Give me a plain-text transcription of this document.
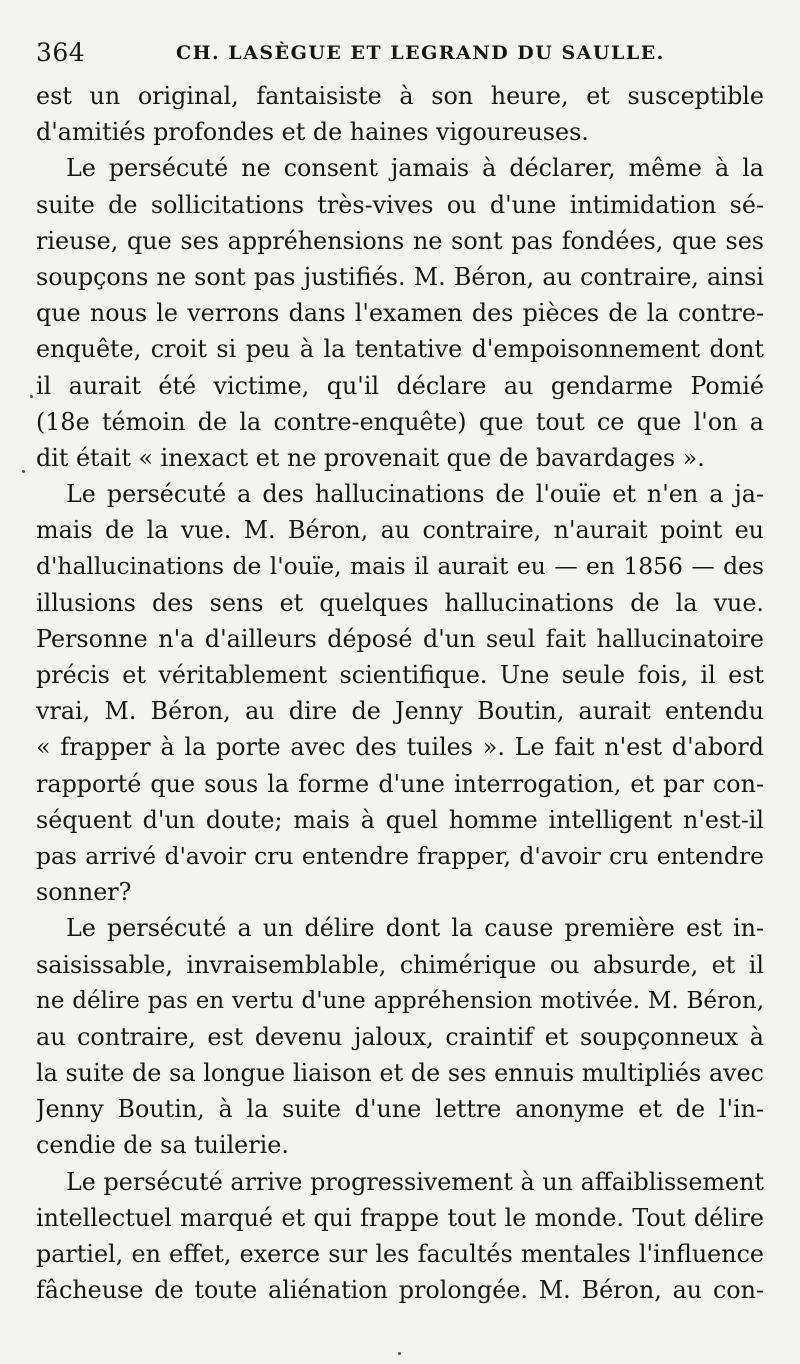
364	CH. LASÈGUE ET LEGRAND DU SAULLE.
est un original, fantaisiste à son heure, et susceptible
d'amitiés profondes et de haines vigoureuses.
Le persécuté ne consent jamais à déclarer, même à la
suite de sollicitations très-vives ou d'une intimidation sé-
rieuse, que ses appréhensions ne sont pas fondées, que ses
soupçons ne sont pas justifiés. M. Béron, au contraire, ainsi
que nous le verrons dans l'examen des pièces de la contre-
enquête, croit si peu à la tentative d'empoisonnement dont
il aurait été victime, qu'il déclare au gendarme Pomié
(18e témoin de la contre-enquête) que tout ce que l'on a
dit était « inexact et ne provenait que de bavardages ».
Le persécuté a des hallucinations de l'ouïe et n'en a ja-
mais de la vue. M. Béron, au contraire, n'aurait point eu
d'hallucinations de l'ouïe, mais il aurait eu — en 1856 — des
illusions des sens et quelques hallucinations de la vue.
Personne n'a d'ailleurs déposé d'un seul fait hallucinatoire
précis et véritablement scientifique. Une seule fois, il est
vrai, M. Béron, au dire de Jenny Boutin, aurait entendu
« frapper à la porte avec des tuiles ». Le fait n'est d'abord
rapporté que sous la forme d'une interrogation, et par con-
séquent d'un doute; mais à quel homme intelligent n'est-il
pas arrivé d'avoir cru entendre frapper, d'avoir cru entendre
sonner?
Le persécuté a un délire dont la cause première est in-
saisissable, invraisemblable, chimérique ou absurde, et il
ne délire pas en vertu d'une appréhension motivée. M. Béron,
au contraire, est devenu jaloux, craintif et soupçonneux à
la suite de sa longue liaison et de ses ennuis multipliés avec
Jenny Boutin, à la suite d'une lettre anonyme et de l'in-
cendie de sa tuilerie.
Le persécuté arrive progressivement à un affaiblissement
intellectuel marqué et qui frappe tout le monde. Tout délire
partiel, en effet, exerce sur les facultés mentales l'influence
fâcheuse de toute aliénation prolongée. M. Béron, au con-
